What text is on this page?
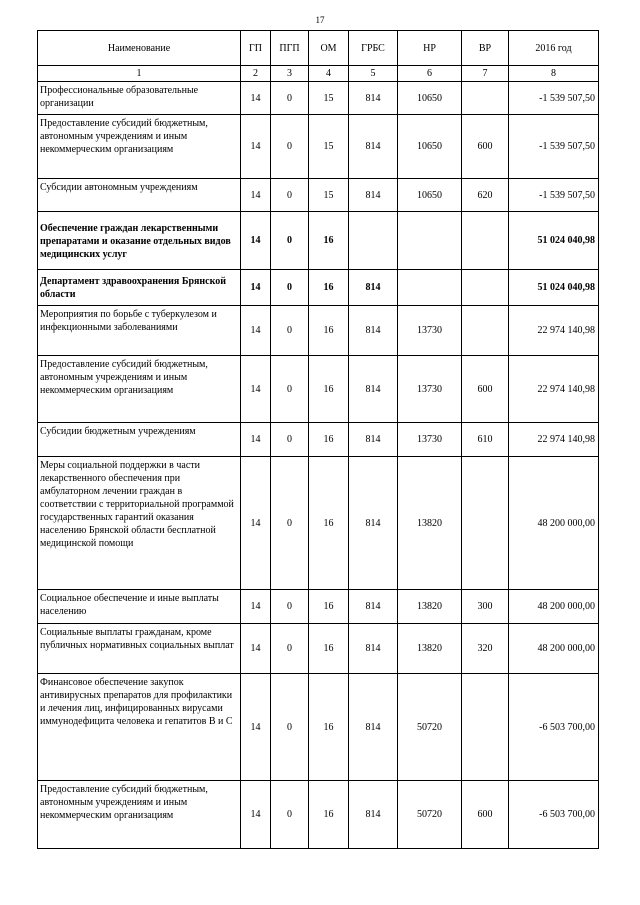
17
Наименование	ГП	ПГП	ОМ	ГРБС	НР	ВР	2016 год
1	2	3	4	5	6	7	8
Профессиональные образовательные организации	14	0	15	814	10650		-1 539 507,50
Предоставление субсидий бюджетным, автономным учреждениям и иным некоммерческим организациям	14	0	15	814	10650	600	-1 539 507,50
Субсидии автономным учреждениям	14	0	15	814	10650	620	-1 539 507,50
Обеспечение граждан лекарственными препаратами и оказание отдельных видов медицинских услуг	14	0	16				51 024 040,98
Департамент здравоохранения Брянской области	14	0	16	814			51 024 040,98
Мероприятия по борьбе с туберкулезом и инфекционными заболеваниями	14	0	16	814	13730		22 974 140,98
Предоставление субсидий бюджетным, автономным учреждениям и иным некоммерческим организациям	14	0	16	814	13730	600	22 974 140,98
Субсидии бюджетным учреждениям	14	0	16	814	13730	610	22 974 140,98
Меры социальной поддержки в части лекарственного обеспечения при амбулаторном лечении граждан в соответствии с территориальной программой государственных гарантий оказания населению Брянской области бесплатной медицинской помощи	14	0	16	814	13820		48 200 000,00
Социальное обеспечение и иные выплаты населению	14	0	16	814	13820	300	48 200 000,00
Социальные выплаты гражданам, кроме публичных нормативных социальных выплат	14	0	16	814	13820	320	48 200 000,00
Финансовое обеспечение закупок антивирусных препаратов для профилактики и лечения лиц, инфицированных вирусами иммунодефицита человека и гепатитов В и С	14	0	16	814	50720		-6 503 700,00
Предоставление субсидий бюджетным, автономным учреждениям и иным некоммерческим организациям	14	0	16	814	50720	600	-6 503 700,00
